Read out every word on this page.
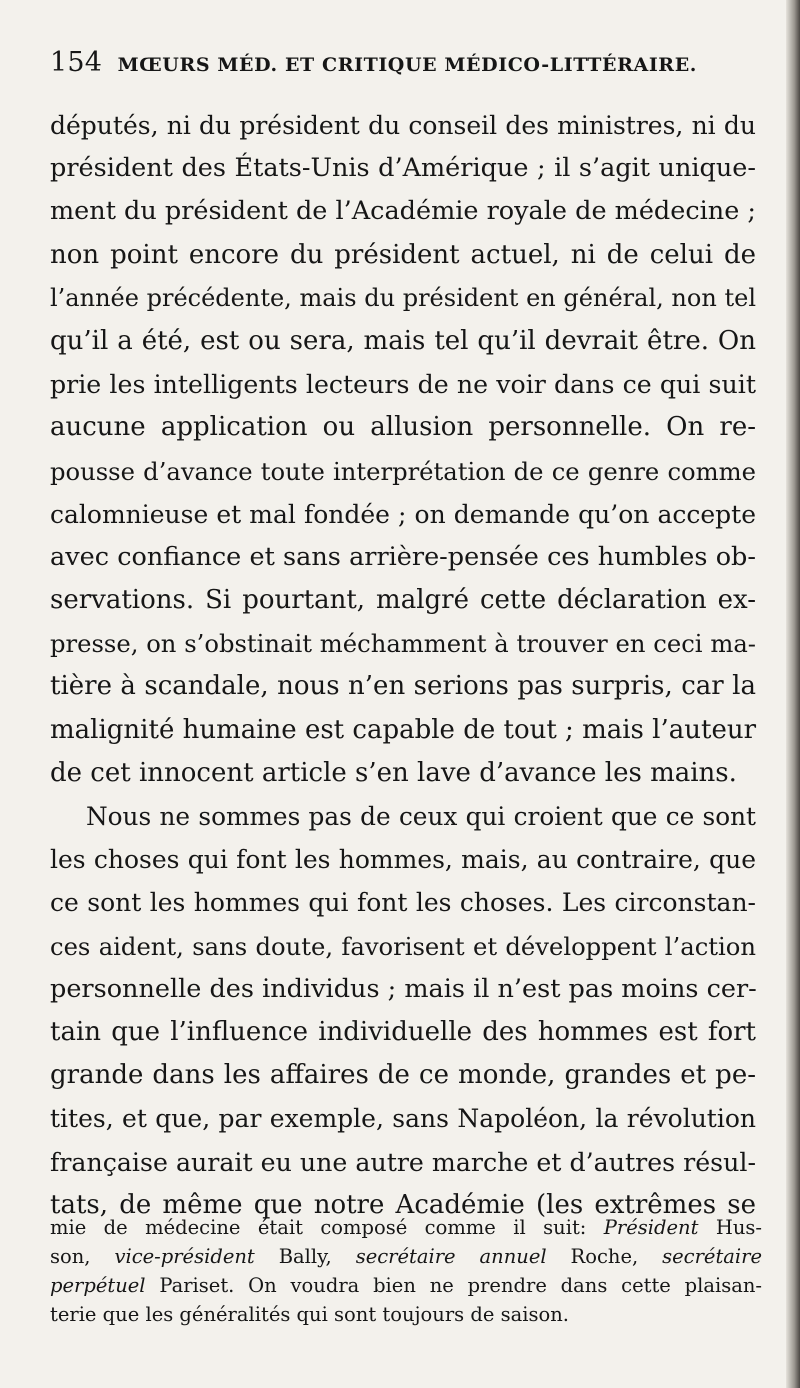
154 MŒURS MÉD. ET CRITIQUE MÉDICO-LITTÉRAIRE.
députés, ni du président du conseil des ministres, ni du
président des États-Unis d’Amérique ; il s’agit unique-
ment du président de l’Académie royale de médecine ;
non point encore du président actuel, ni de celui de
l’année précédente, mais du président en général, non tel
qu’il a été, est ou sera, mais tel qu’il devrait être. On
prie les intelligents lecteurs de ne voir dans ce qui suit
aucune application ou allusion personnelle. On re-
pousse d’avance toute interprétation de ce genre comme
calomnieuse et mal fondée ; on demande qu’on accepte
avec confiance et sans arrière-pensée ces humbles ob-
servations. Si pourtant, malgré cette déclaration ex-
presse, on s’obstinait méchamment à trouver en ceci ma-
tière à scandale, nous n’en serions pas surpris, car la
malignité humaine est capable de tout ; mais l’auteur
de cet innocent article s’en lave d’avance les mains.
Nous ne sommes pas de ceux qui croient que ce sont
les choses qui font les hommes, mais, au contraire, que
ce sont les hommes qui font les choses. Les circonstan-
ces aident, sans doute, favorisent et développent l’action
personnelle des individus ; mais il n’est pas moins cer-
tain que l’influence individuelle des hommes est fort
grande dans les affaires de ce monde, grandes et pe-
tites, et que, par exemple, sans Napoléon, la révolution
française aurait eu une autre marche et d’autres résul-
tats, de même que notre Académie (les extrêmes se
mie de médecine était composé comme il suit: Président Hus-
son, vice-président Bally, secrétaire annuel Roche, secrétaire
perpétuel Pariset. On voudra bien ne prendre dans cette plaisan-
terie que les généralités qui sont toujours de saison.
